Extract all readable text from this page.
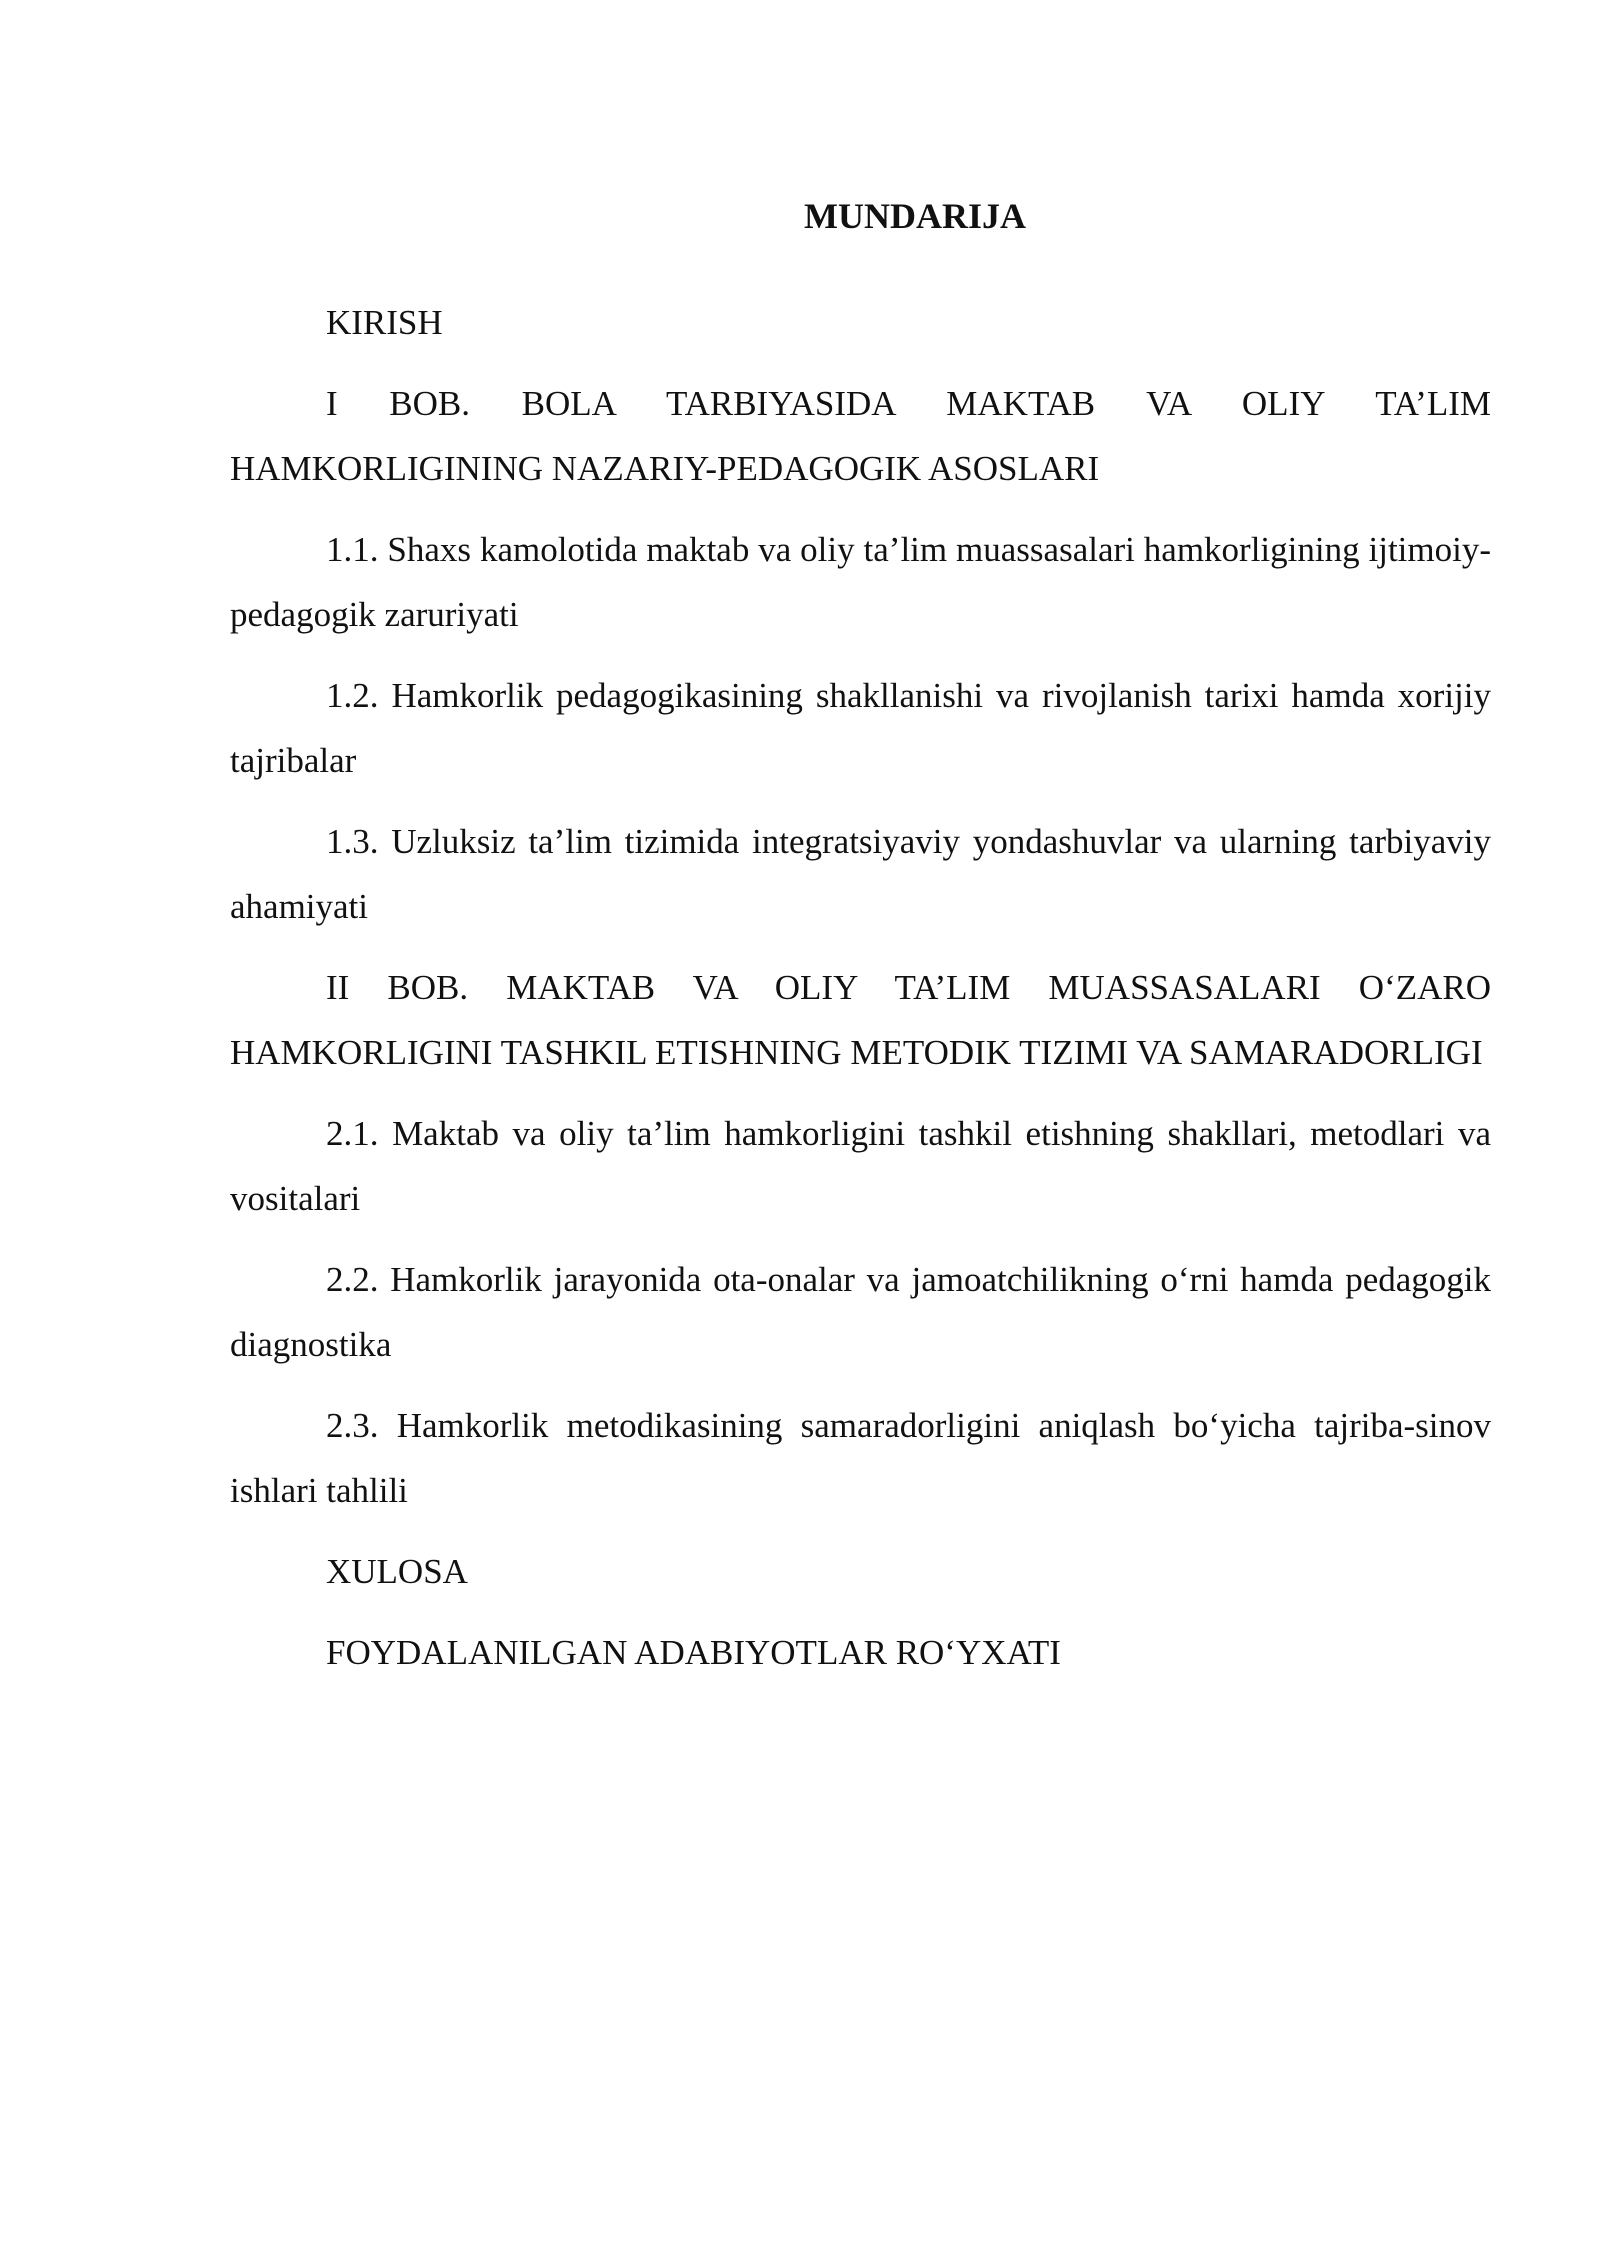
MUNDARIJA

KIRISH

I BOB. BOLA TARBIYASIDA MAKTAB VA OLIY TA’LIM HAMKORLIGINING NAZARIY-PEDAGOGIK ASOSLARI

1.1. Shaxs kamolotida maktab va oliy ta’lim muassasalari hamkorligining ijtimoiy-pedagogik zaruriyati

1.2. Hamkorlik pedagogikasining shakllanishi va rivojlanish tarixi hamda xorijiy tajribalar

1.3. Uzluksiz ta’lim tizimida integratsiyaviy yondashuvlar va ularning tarbiyaviy ahamiyati

II BOB. MAKTAB VA OLIY TA’LIM MUASSASALARI O‘ZARO HAMKORLIGINI TASHKIL ETISHNING METODIK TIZIMI VA SAMARADORLIGI

2.1. Maktab va oliy ta’lim hamkorligini tashkil etishning shakllari, metodlari va vositalari

2.2. Hamkorlik jarayonida ota-onalar va jamoatchilikning o‘rni hamda pedagogik diagnostika

2.3. Hamkorlik metodikasining samaradorligini aniqlash bo‘yicha tajriba-sinov ishlari tahlili

XULOSA

FOYDALANILGAN ADABIYOTLAR RO‘YXATI
